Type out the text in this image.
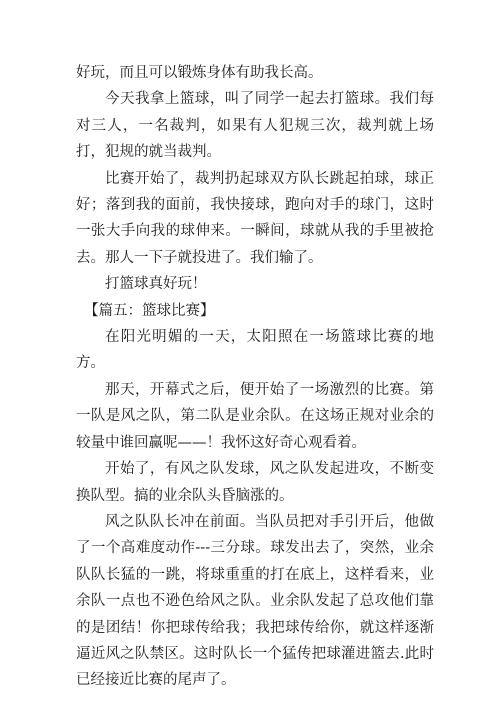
好玩，而且可以锻炼身体有助我长高。

今天我拿上篮球，叫了同学一起去打篮球。我们每对三人，一名裁判，如果有人犯规三次，裁判就上场打，犯规的就当裁判。

比赛开始了，裁判扔起球双方队长跳起拍球，球正好；落到我的面前，我快接球，跑向对手的球门，这时一张大手向我的球伸来。一瞬间，球就从我的手里被抢去。那人一下子就投进了。我们输了。

打篮球真好玩！

【篇五：篮球比赛】

在阳光明媚的一天，太阳照在一场篮球比赛的地方。

那天，开幕式之后，便开始了一场激烈的比赛。第一队是风之队，第二队是业余队。在这场正规对业余的较量中谁回赢呢——！我怀这好奇心观看着。

开始了，有风之队发球，风之队发起进攻，不断变换队型。搞的业余队头昏脑涨的。

风之队队长冲在前面。当队员把对手引开后，他做了一个高难度动作---三分球。球发出去了，突然，业余队队长猛的一跳，将球重重的打在底上，这样看来，业余队一点也不逊色给风之队。业余队发起了总攻他们靠的是团结！你把球传给我；我把球传给你，就这样逐渐逼近风之队禁区。这时队长一个猛传把球灌进篮去.此时已经接近比赛的尾声了。
